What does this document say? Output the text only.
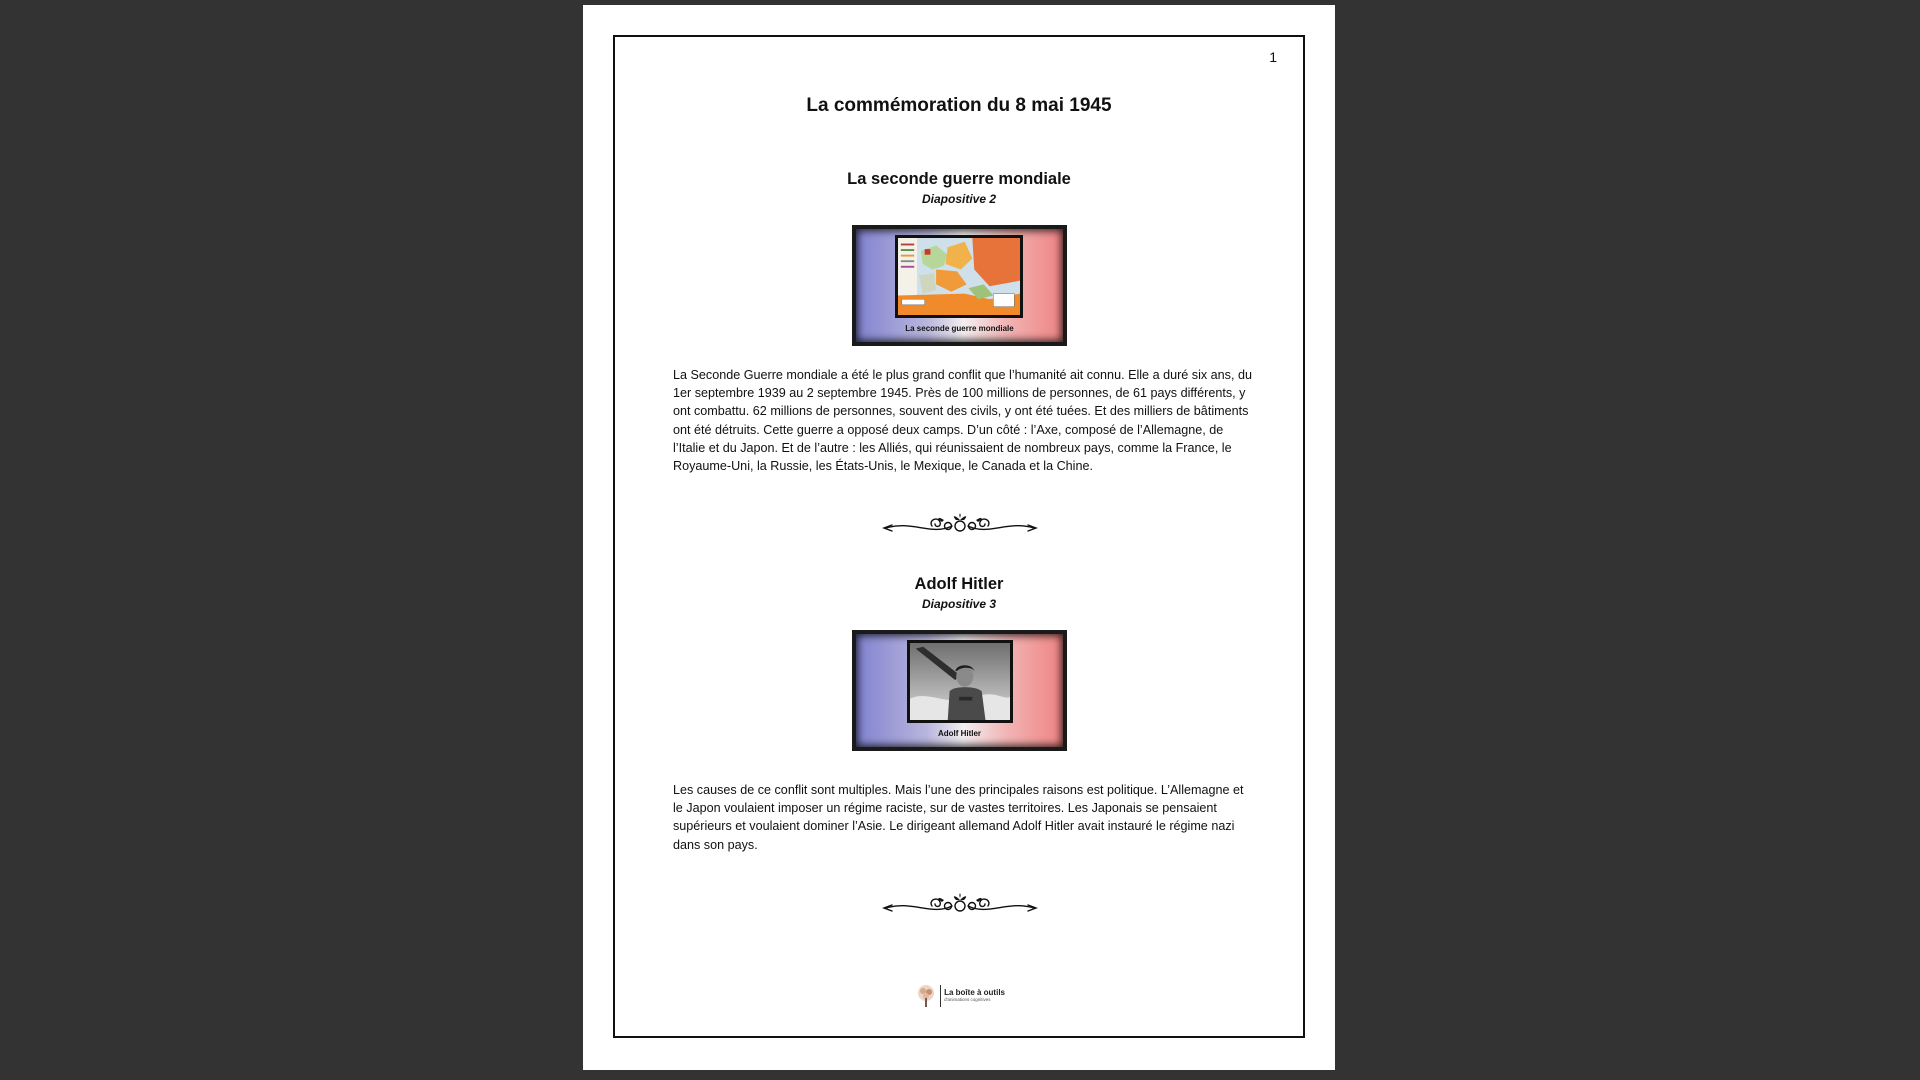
1
La commémoration du 8 mai 1945
La seconde guerre mondiale
Diapositive 2
La seconde guerre mondiale

La Seconde Guerre mondiale a été le plus grand conflit que l’humanité ait connu. Elle a duré six ans, du 1er septembre 1939 au 2 septembre 1945. Près de 100 millions de personnes, de 61 pays différents, y ont combattu. 62 millions de personnes, souvent des civils, y ont été tuées. Et des milliers de bâtiments ont été détruits. Cette guerre a opposé deux camps. D’un côté : l’Axe, composé de l’Allemagne, de l’Italie et du Japon. Et de l’autre : les Alliés, qui réunissaient de nombreux pays, comme la France, le Royaume-Uni, la Russie, les États-Unis, le Mexique, le Canada et la Chine.

Adolf Hitler
Diapositive 3
Adolf Hitler

Les causes de ce conflit sont multiples. Mais l’une des principales raisons est politique. L’Allemagne et le Japon voulaient imposer un régime raciste, sur de vastes territoires. Les Japonais se pensaient supérieurs et voulaient dominer l’Asie. Le dirigeant allemand Adolf Hitler avait instauré le régime nazi dans son pays.

La boîte à outils
d'animations cognitives
